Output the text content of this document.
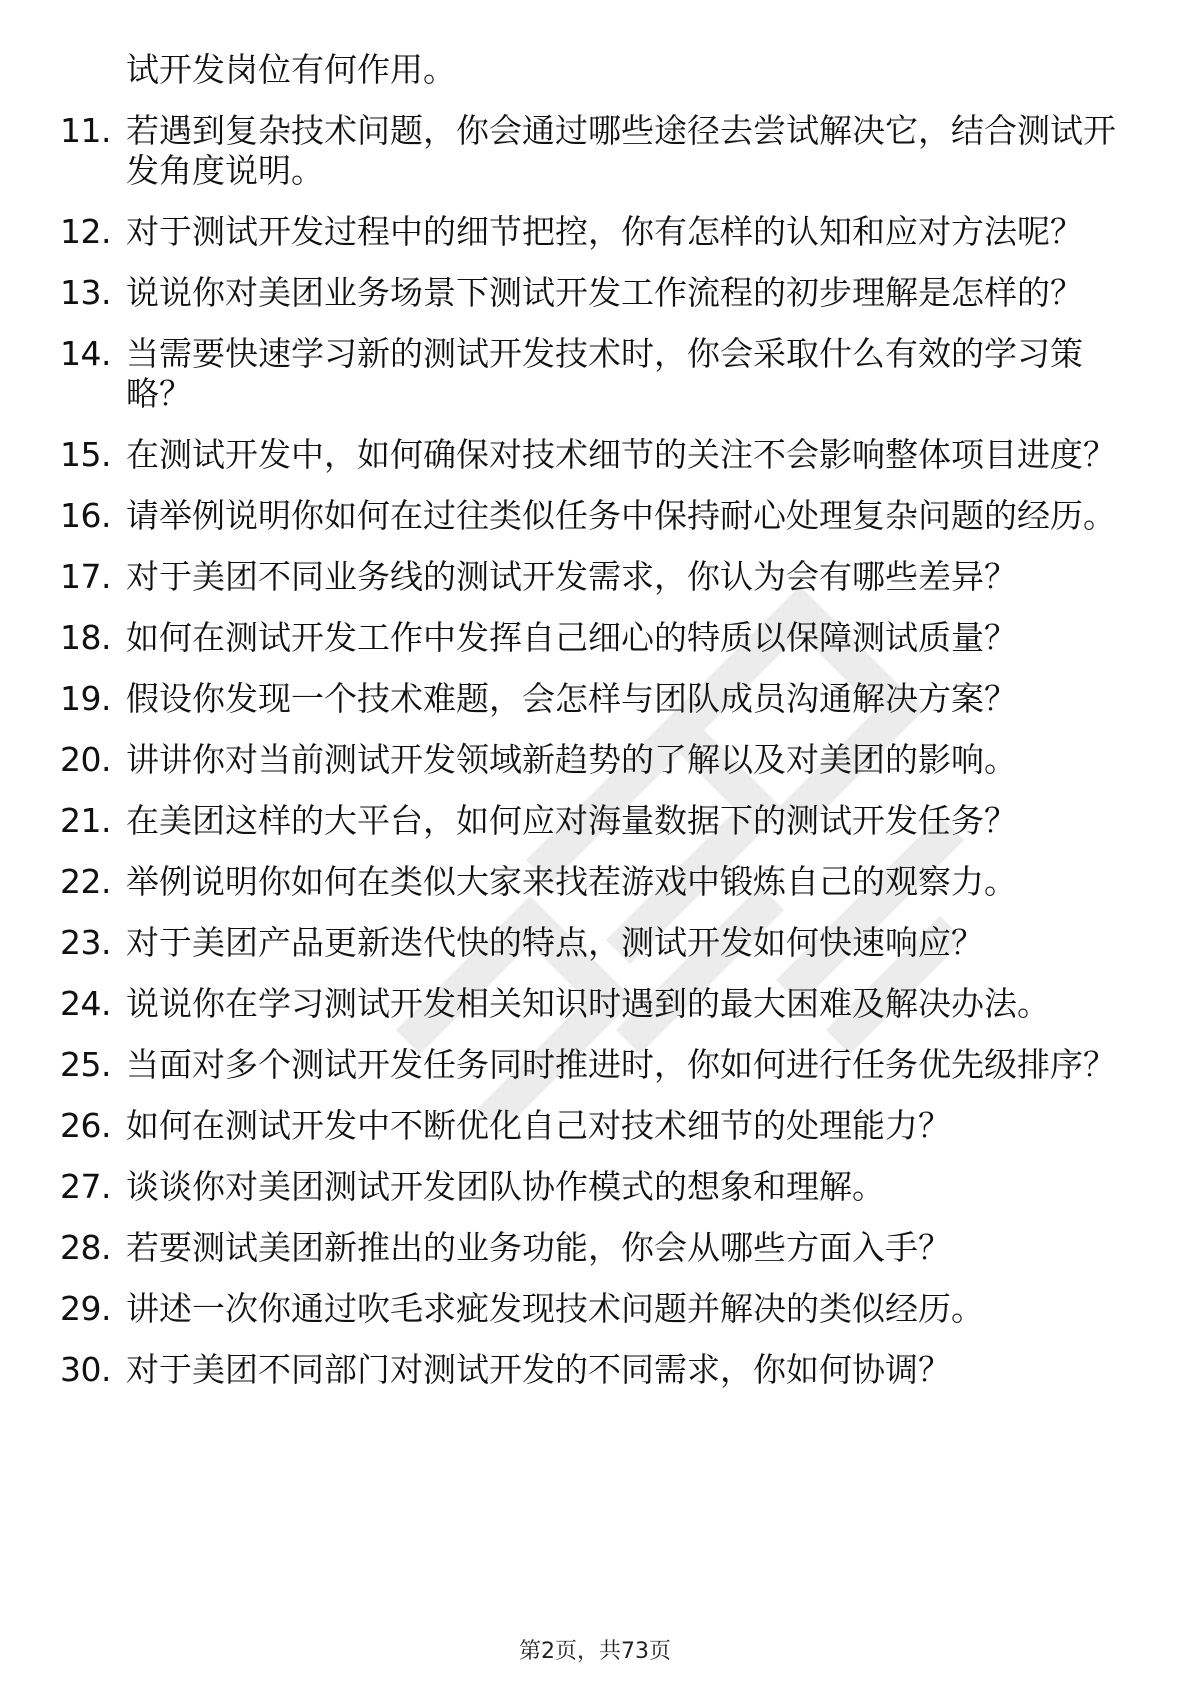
试开发岗位有何作用。
11. 若遇到复杂技术问题，你会通过哪些途径去尝试解决它，结合测试开发角度说明。
12. 对于测试开发过程中的细节把控，你有怎样的认知和应对方法呢？
13. 说说你对美团业务场景下测试开发工作流程的初步理解是怎样的？
14. 当需要快速学习新的测试开发技术时，你会采取什么有效的学习策略？
15. 在测试开发中，如何确保对技术细节的关注不会影响整体项目进度？
16. 请举例说明你如何在过往类似任务中保持耐心处理复杂问题的经历。
17. 对于美团不同业务线的测试开发需求，你认为会有哪些差异？
18. 如何在测试开发工作中发挥自己细心的特质以保障测试质量？
19. 假设你发现一个技术难题，会怎样与团队成员沟通解决方案？
20. 讲讲你对当前测试开发领域新趋势的了解以及对美团的影响。
21. 在美团这样的大平台，如何应对海量数据下的测试开发任务？
22. 举例说明你如何在类似大家来找茬游戏中锻炼自己的观察力。
23. 对于美团产品更新迭代快的特点，测试开发如何快速响应？
24. 说说你在学习测试开发相关知识时遇到的最大困难及解决办法。
25. 当面对多个测试开发任务同时推进时，你如何进行任务优先级排序？
26. 如何在测试开发中不断优化自己对技术细节的处理能力？
27. 谈谈你对美团测试开发团队协作模式的想象和理解。
28. 若要测试美团新推出的业务功能，你会从哪些方面入手？
29. 讲述一次你通过吹毛求疵发现技术问题并解决的类似经历。
30. 对于美团不同部门对测试开发的不同需求，你如何协调？
第2页，共73页
